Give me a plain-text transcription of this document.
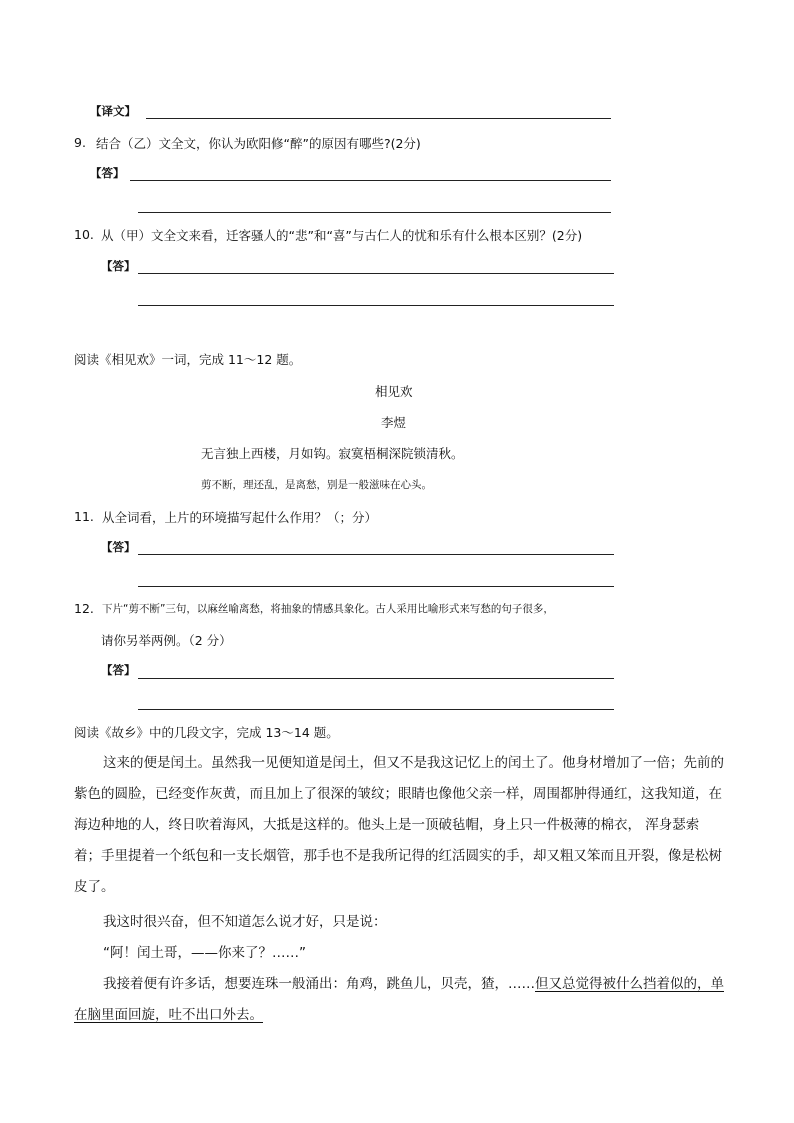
【译文】
9. 结合（乙）文全文，你认为欧阳修“醉”的原因有哪些?(2分)
【答】
10. 从（甲）文全文来看，迁客骚人的“悲”和“喜”与古仁人的忧和乐有什么根本区别？(2分)
【答】
阅读《相见欢》一词，完成 11～12 题。
相见欢
李煜
无言独上西楼，月如钩。寂寞梧桐深院锁清秋。
剪不断，理还乱，是离愁，别是一般滋味在心头。
11. 从全词看，上片的环境描写起什么作用？（；分）
【答】
12. 下片“剪不断”三句，以麻丝喻离愁，将抽象的情感具象化。古人采用比喻形式来写愁的句子很多，
请你另举两例。（2 分）
【答】
阅读《故乡》中的几段文字，完成 13～14 题。
这来的便是闰土。虽然我一见便知道是闰土，但又不是我这记忆上的闰土了。他身材增加了一倍；先前的紫色的圆脸，已经变作灰黄，而且加上了很深的皱纹；眼睛也像他父亲一样，周围都肿得通红，这我知道，在海边种地的人，终日吹着海风，大抵是这样的。他头上是一顶破毡帽，身上只一件极薄的棉衣， 浑身瑟索着；手里提着一个纸包和一支长烟管，那手也不是我所记得的红活圆实的手，却又粗又笨而且开裂，像是松树皮了。
我这时很兴奋，但不知道怎么说才好，只是说：
“阿！闰土哥，——你来了？……”
我接着便有许多话，想要连珠一般涌出：角鸡，跳鱼儿，贝壳，猹，……但又总觉得被什么挡着似的，单在脑里面回旋，吐不出口外去。
